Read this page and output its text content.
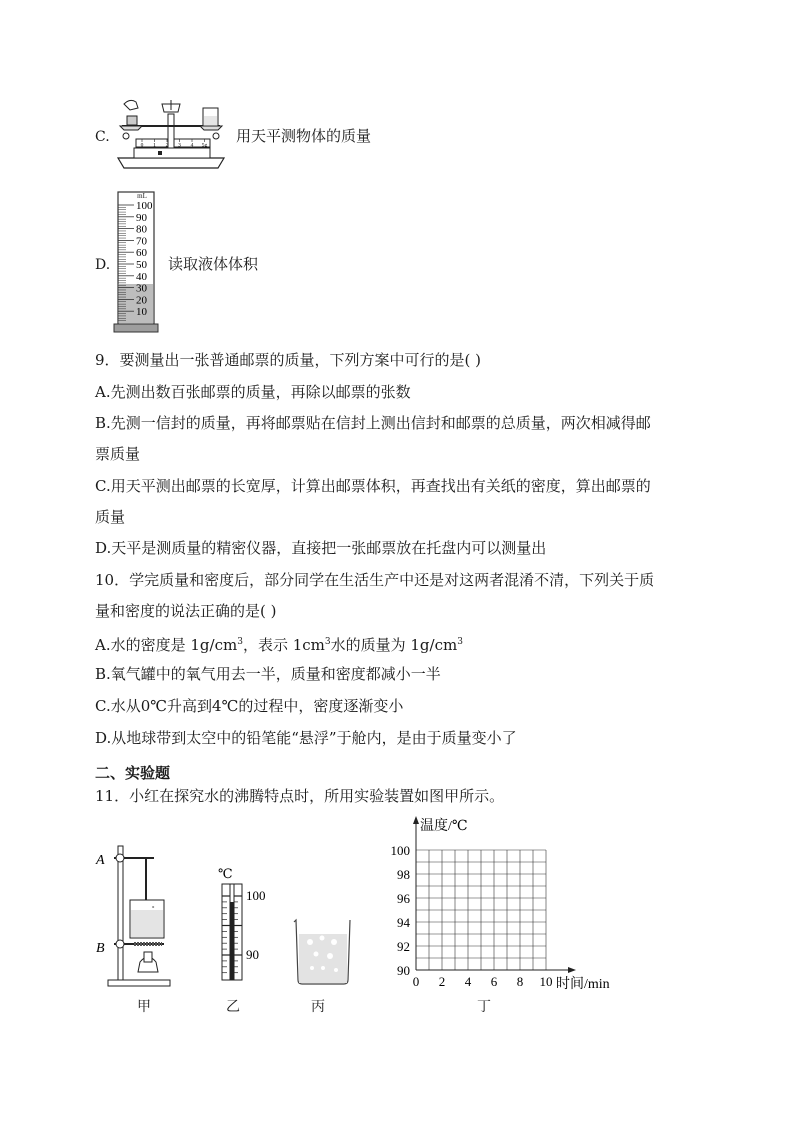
C.
0 1 2 3 4 5g
用天平测物体的质量
D.
mL
100
90
80
70
60
50
40
30
20
10
读取液体体积
9．要测量出一张普通邮票的质量，下列方案中可行的是( )
A.先测出数百张邮票的质量，再除以邮票的张数
B.先测一信封的质量，再将邮票贴在信封上测出信封和邮票的总质量，两次相减得邮
票质量
C.用天平测出邮票的长宽厚，计算出邮票体积，再查找出有关纸的密度，算出邮票的
质量
D.天平是测质量的精密仪器，直接把一张邮票放在托盘内可以测量出
10．学完质量和密度后，部分同学在生活生产中还是对这两者混淆不清，下列关于质
量和密度的说法正确的是( )
A.水的密度是 $1g/cm^3$，表示 $1cm^3$水的质量为 $1g/cm^3$
B.氧气罐中的氧气用去一半，质量和密度都减小一半
C.水从0℃升高到4℃的过程中，密度逐渐变小
D.从地球带到太空中的铅笔能“悬浮”于舱内，是由于质量变小了
二、实验题
11．小红在探究水的沸腾特点时，所用实验装置如图甲所示。
A
B
°
甲
℃
100
90
乙	丙
0 2 4 6 8 10
90
92
94
96
98
100
温度/℃
时间/min
丁
